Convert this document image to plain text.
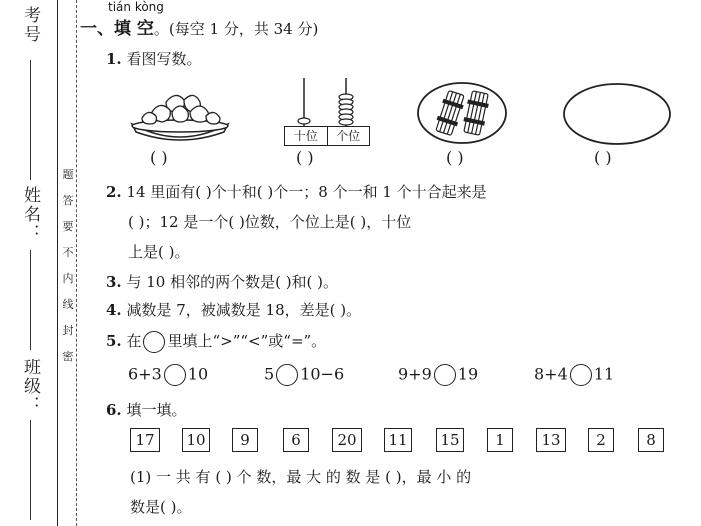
考号
姓名：
班级：
题
答
要
不
内
线
封
密
tián kòng
一、填 空。(每空 1 分，共 34 分)
1. 看图写数。
十位	个位
( )	( )	( )	( )
2. 14 里面有( )个十和( )个一；8 个一和 1 个十合起来是
( )；12 是一个( )位数，个位上是( )，十位
上是( )。
3. 与 10 相邻的两个数是( )和( )。
4. 减数是 7，被减数是 18，差是( )。
5. 在 里填上“>”“<”或“=”。
6+3 10	5 10−6	9+9 19	8+4 11
6. 填一填。
17	10	9	6	20	11 15	1	13	2	8
(1) 一 共 有 ( ) 个 数，最 大 的 数 是 ( )，最 小 的
数是( )。
